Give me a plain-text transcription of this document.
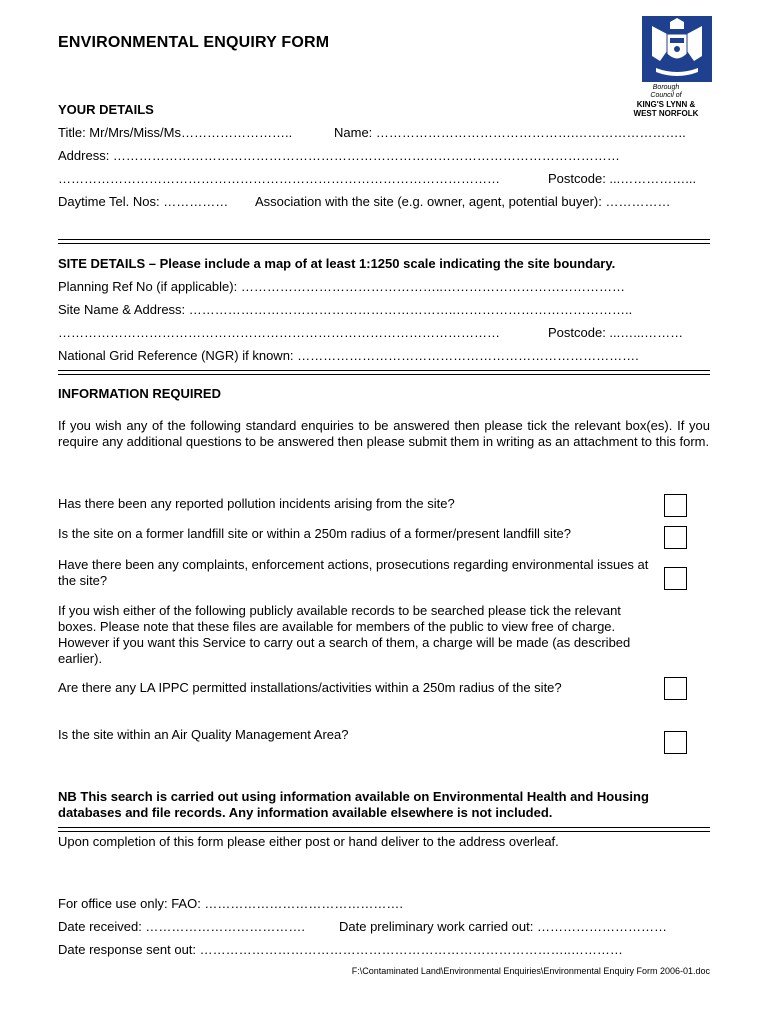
ENVIRONMENTAL ENQUIRY FORM
Borough
Council of
KING'S LYNN &
WEST NORFOLK
YOUR DETAILS
Title: Mr/Mrs/Miss/Ms……………………..	Name: ……………………………………….……………………..
Address: ………………………………………………………………………………………………………
…………………………………………………………………………………………	Postcode: ...……………...
Daytime Tel. Nos: …………… Association with the site (e.g. owner, agent, potential buyer): ……………
SITE DETAILS – Please include a map of at least 1:1250 scale indicating the site boundary.
Planning Ref No (if applicable): ………………………………………..……………………………………
Site Name & Address: ……………………………………………………..…………………………………..
…………………………………………………………………………………………	Postcode: ...…...………
National Grid Reference (NGR) if known: …………………………………………………………………….
INFORMATION REQUIRED
If you wish any of the following standard enquiries to be answered then please tick the relevant box(es). If you require any additional questions to be answered then please submit them in writing as an attachment to this form.
Has there been any reported pollution incidents arising from the site?
Is the site on a former landfill site or within a 250m radius of a former/present landfill site?
Have there been any complaints, enforcement actions, prosecutions regarding environmental issues at the site?
If you wish either of the following publicly available records to be searched please tick the relevant boxes. Please note that these files are available for members of the public to view free of charge. However if you want this Service to carry out a search of them, a charge will be made (as described earlier).
Are there any LA IPPC permitted installations/activities within a 250m radius of the site?
Is the site within an Air Quality Management Area?
NB This search is carried out using information available on Environmental Health and Housing databases and file records. Any information available elsewhere is not included.
Upon completion of this form please either post or hand deliver to the address overleaf.
For office use only: FAO: ……………………………………….
Date received: ……………………………….	Date preliminary work carried out: …………………………
Date response sent out: …………………………………………………………………………..…………
F:\Contaminated Land\Environmental Enquiries\Environmental Enquiry Form 2006-01.doc
